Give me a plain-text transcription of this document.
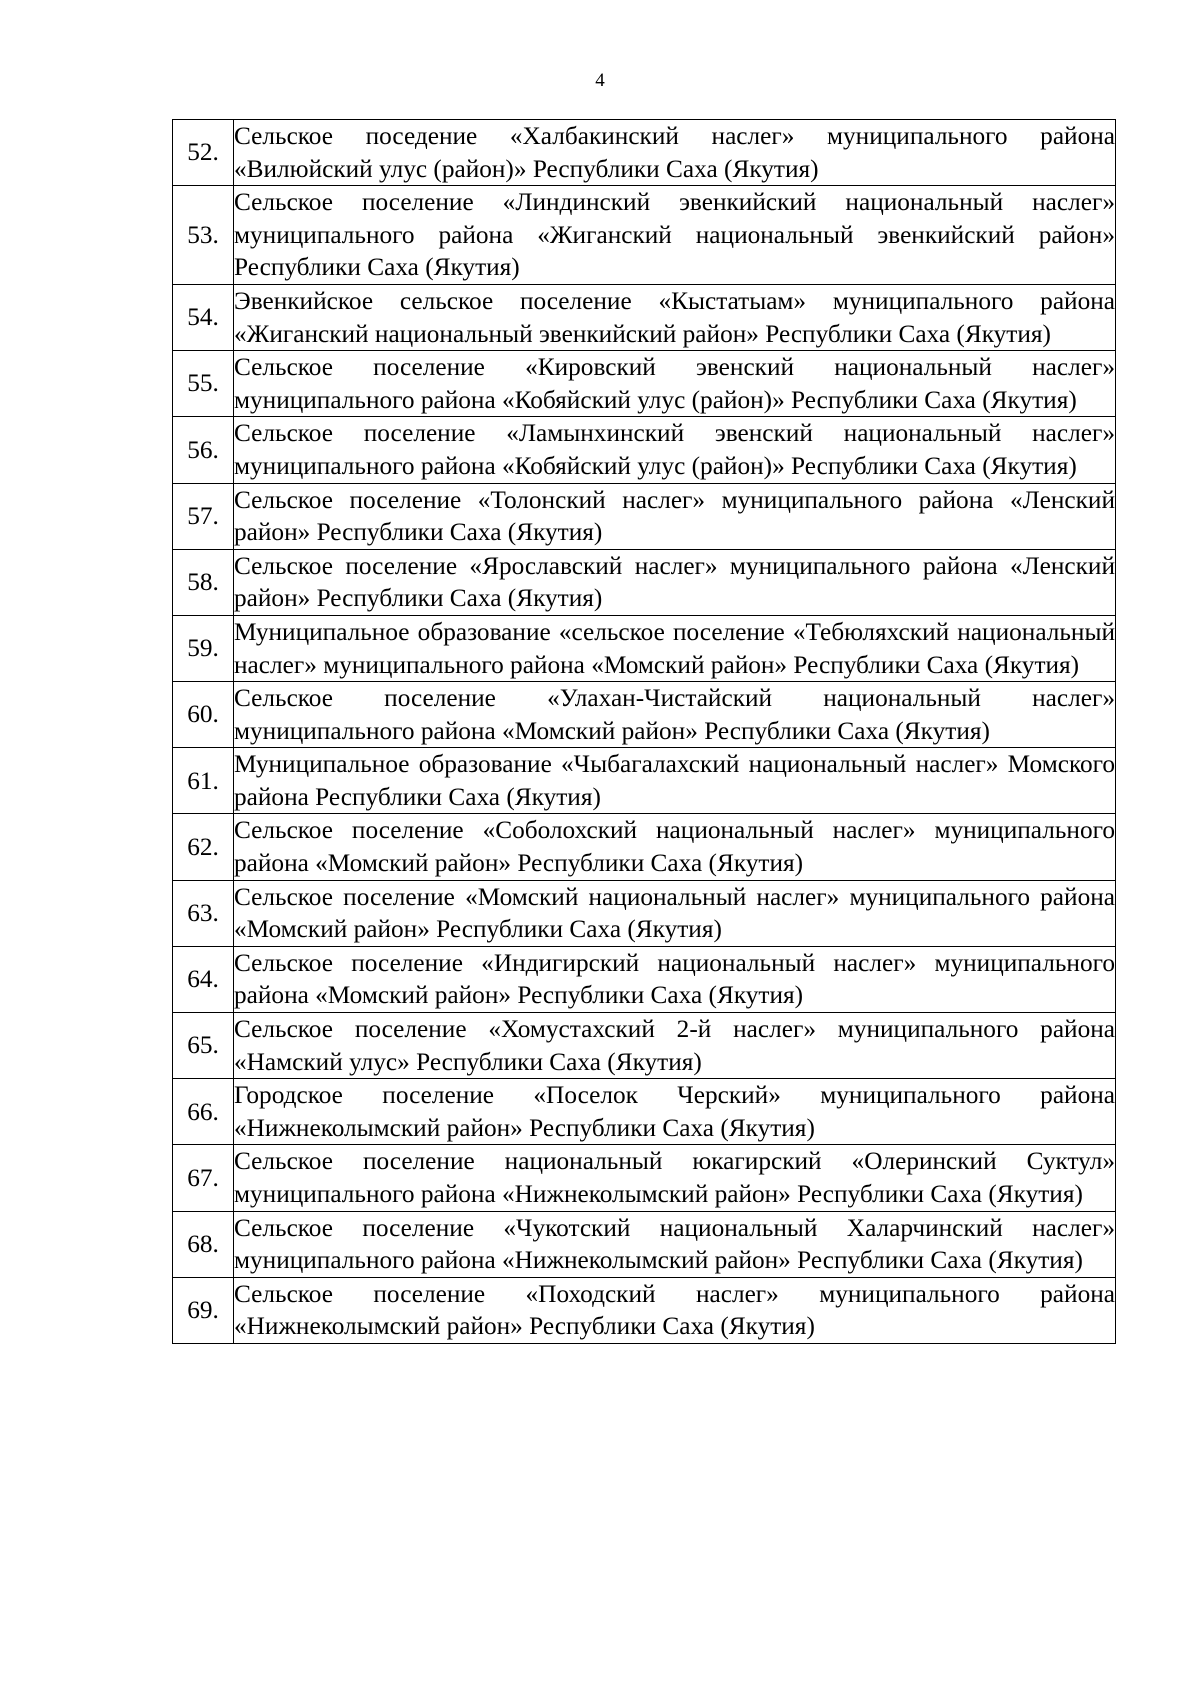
4
52.	Сельское поседение «Халбакинский наслег» муниципального района «Вилюйский улус (район)» Республики Саха (Якутия)
53.	Сельское поселение «Линдинский эвенкийский национальный наслег» муниципального района «Жиганский национальный эвенкийский район» Республики Саха (Якутия)
54.	Эвенкийское сельское поселение «Кыстатыам» муниципального района «Жиганский национальный эвенкийский район» Республики Саха (Якутия)
55.	Сельское поселение «Кировский эвенский национальный наслег» муниципального района «Кобяйский улус (район)» Республики Саха (Якутия)
56.	Сельское поселение «Ламынхинский эвенский национальный наслег» муниципального района «Кобяйский улус (район)» Республики Саха (Якутия)
57.	Сельское поселение «Толонский наслег» муниципального района «Ленский район» Республики Саха (Якутия)
58.	Сельское поселение «Ярославский наслег» муниципального района «Ленский район» Республики Саха (Якутия)
59.	Муниципальное образование «сельское поселение «Тебюляхский национальный наслег» муниципального района «Момский район» Республики Саха (Якутия)
60.	Сельское поселение «Улахан-Чистайский национальный наслег» муниципального района «Момский район» Республики Саха (Якутия)
61.	Муниципальное образование «Чыбагалахский национальный наслег» Момского района Республики Саха (Якутия)
62.	Сельское поселение «Соболохский национальный наслег» муниципального района «Момский район» Республики Саха (Якутия)
63.	Сельское поселение «Момский национальный наслег» муниципального района «Момский район» Республики Саха (Якутия)
64.	Сельское поселение «Индигирский национальный наслег» муниципального района «Момский район» Республики Саха (Якутия)
65.	Сельское поселение «Хомустахский 2-й наслег» муниципального района «Намский улус» Республики Саха (Якутия)
66.	Городское поселение «Поселок Черский» муниципального района «Нижнеколымский район» Республики Саха (Якутия)
67.	Сельское поселение национальный юкагирский «Олеринский Суктул» муниципального района «Нижнеколымский район» Республики Саха (Якутия)
68.	Сельское поселение «Чукотский национальный Халарчинский наслег» муниципального района «Нижнеколымский район» Республики Саха (Якутия)
69.	Сельское поселение «Походский наслег» муниципального района «Нижнеколымский район» Республики Саха (Якутия)
